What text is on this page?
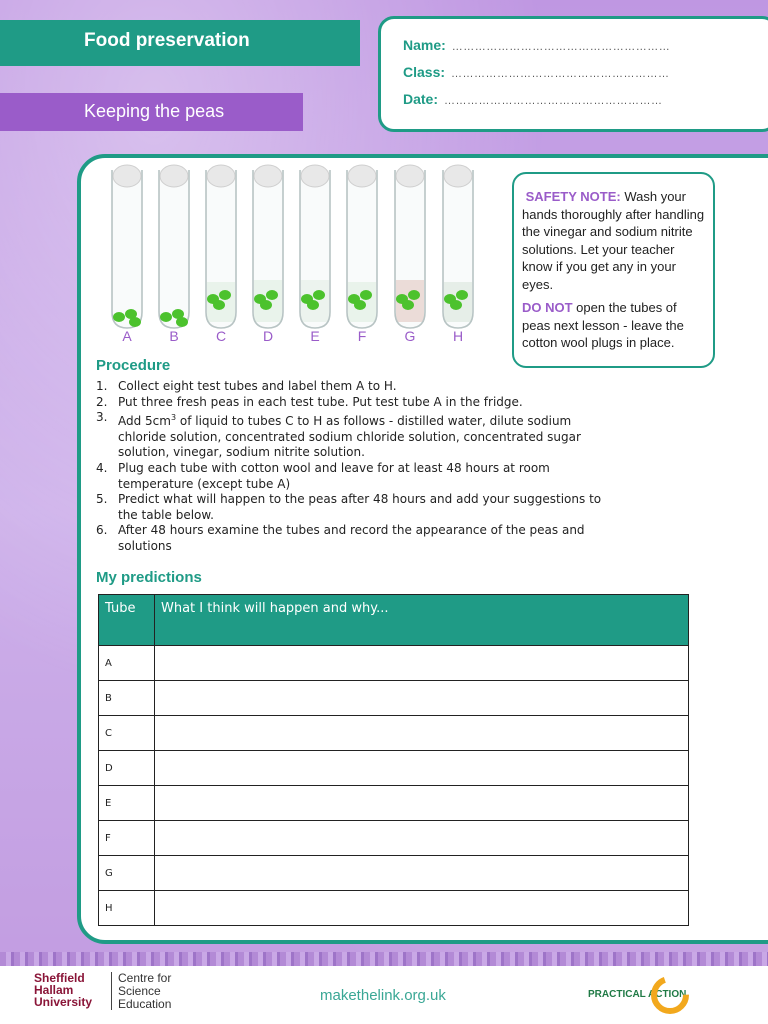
Food preservation
Keeping the peas
Name: …………………………………………………
Class: …………………………………………………
Date: …………………………………………………
A	B	C	D	E	F	G	H

SAFETY NOTE: Wash your hands thoroughly after handling the vinegar and sodium nitrite solutions. Let your teacher know if you get any in your eyes.

DO NOT open the tubes of peas next lesson - leave the cotton wool plugs in place.

Procedure
1. Collect eight test tubes and label them A to H.
2. Put three fresh peas in each test tube. Put test tube A in the fridge.
3. Add $5cm^3$ of liquid to tubes C to H as follows - distilled water, dilute sodium chloride solution, concentrated sodium chloride solution, concentrated sugar solution, vinegar, sodium nitrite solution.
4. Plug each tube with cotton wool and leave for at least 48 hours at room temperature (except tube A)
5. Predict what will happen to the peas after 48 hours and add your suggestions to the table below.
6. After 48 hours examine the tubes and record the appearance of the peas and solutions
My predictions
Tube	What I think will happen and why...
A	
B	
C	
D	
E	
F	
G	
H	
Sheffield
Hallam
University
Centre for
Science
Education	makethelink.org.uk	PRACTICAL ACTION
